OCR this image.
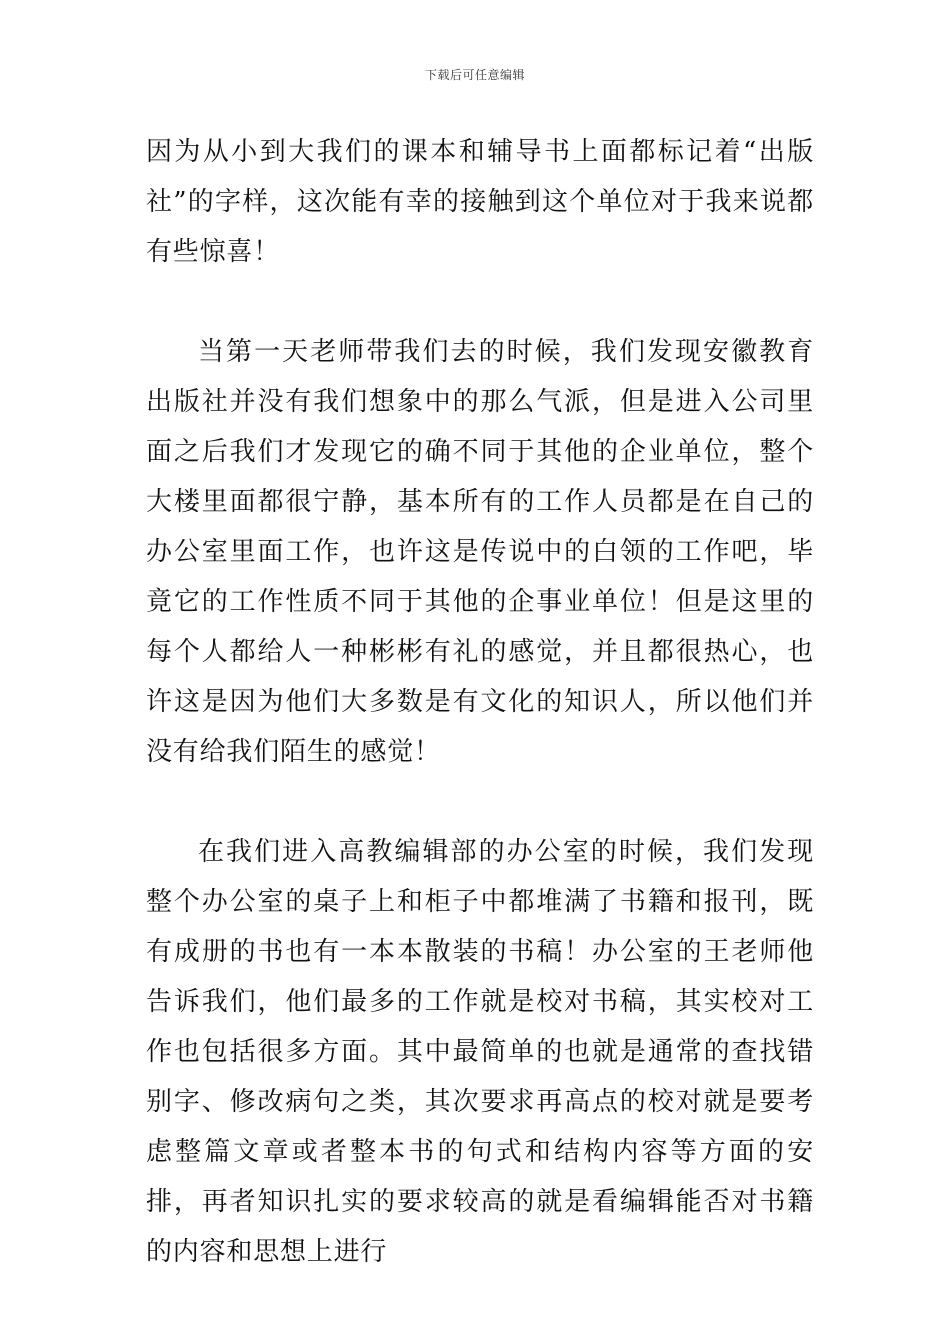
下载后可任意编辑

因为从小到大我们的课本和辅导书上面都标记着“出版社”的字样，这次能有幸的接触到这个单位对于我来说都有些惊喜！

当第一天老师带我们去的时候，我们发现安徽教育出版社并没有我们想象中的那么气派，但是进入公司里面之后我们才发现它的确不同于其他的企业单位，整个大楼里面都很宁静，基本所有的工作人员都是在自己的办公室里面工作，也许这是传说中的白领的工作吧，毕竟它的工作性质不同于其他的企事业单位！但是这里的每个人都给人一种彬彬有礼的感觉，并且都很热心，也许这是因为他们大多数是有文化的知识人，所以他们并没有给我们陌生的感觉！

在我们进入高教编辑部的办公室的时候，我们发现整个办公室的桌子上和柜子中都堆满了书籍和报刊，既有成册的书也有一本本散装的书稿！办公室的王老师他告诉我们，他们最多的工作就是校对书稿，其实校对工作也包括很多方面。其中最简单的也就是通常的查找错别字、修改病句之类，其次要求再高点的校对就是要考虑整篇文章或者整本书的句式和结构内容等方面的安排，再者知识扎实的要求较高的就是看编辑能否对书籍的内容和思想上进行
